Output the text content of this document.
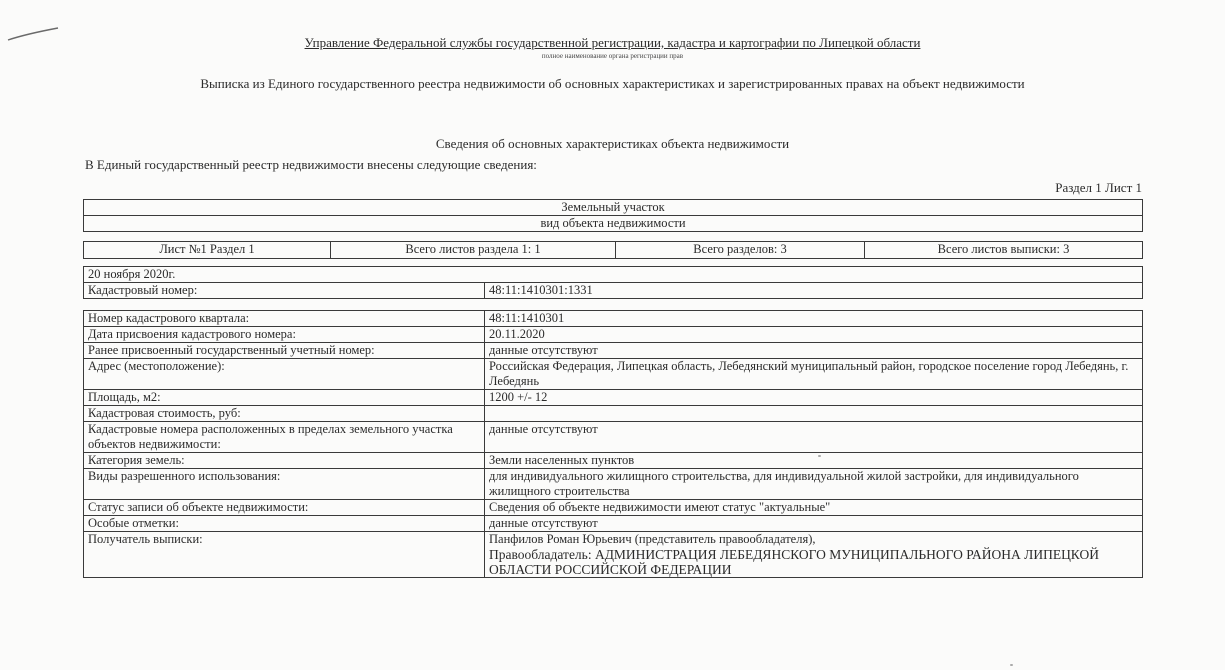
Управление Федеральной службы государственной регистрации, кадастра и картографии по Липецкой области
полное наименование органа регистрации прав
Выписка из Единого государственного реестра недвижимости об основных характеристиках и зарегистрированных правах на объект недвижимости
Сведения об основных характеристиках объекта недвижимости
В Единый государственный реестр недвижимости внесены следующие сведения:
Раздел 1 Лист 1
Земельный участок
вид объекта недвижимости
Лист №1 Раздел 1	Всего листов раздела 1: 1	Всего разделов: 3	Всего листов выписки: 3
20 ноября 2020г.
Кадастровый номер:	48:11:1410301:1331
Номер кадастрового квартала:	48:11:1410301
Дата присвоения кадастрового номера:	20.11.2020
Ранее присвоенный государственный учетный номер:	данные отсутствуют
Адрес (местоположение):	Российская Федерация, Липецкая область, Лебедянский муниципальный район, городское поселение город Лебедянь, г. Лебедянь
Площадь, м2:	1200 +/- 12
Кадастровая стоимость, руб:	
Кадастровые номера расположенных в пределах земельного участка объектов недвижимости:	данные отсутствуют
Категория земель:	Земли населенных пунктов
Виды разрешенного использования:	для индивидуального жилищного строительства, для индивидуальной жилой застройки, для индивидуального жилищного строительства
Статус записи об объекте недвижимости:	Сведения об объекте недвижимости имеют статус "актуальные"
Особые отметки:	данные отсутствуют
Получатель выписки:	Панфилов Роман Юрьевич (представитель правообладателя),
Правообладатель: АДМИНИСТРАЦИЯ ЛЕБЕДЯНСКОГО МУНИЦИПАЛЬНОГО РАЙОНА ЛИПЕЦКОЙ ОБЛАСТИ РОССИЙСКОЙ ФЕДЕРАЦИИ
